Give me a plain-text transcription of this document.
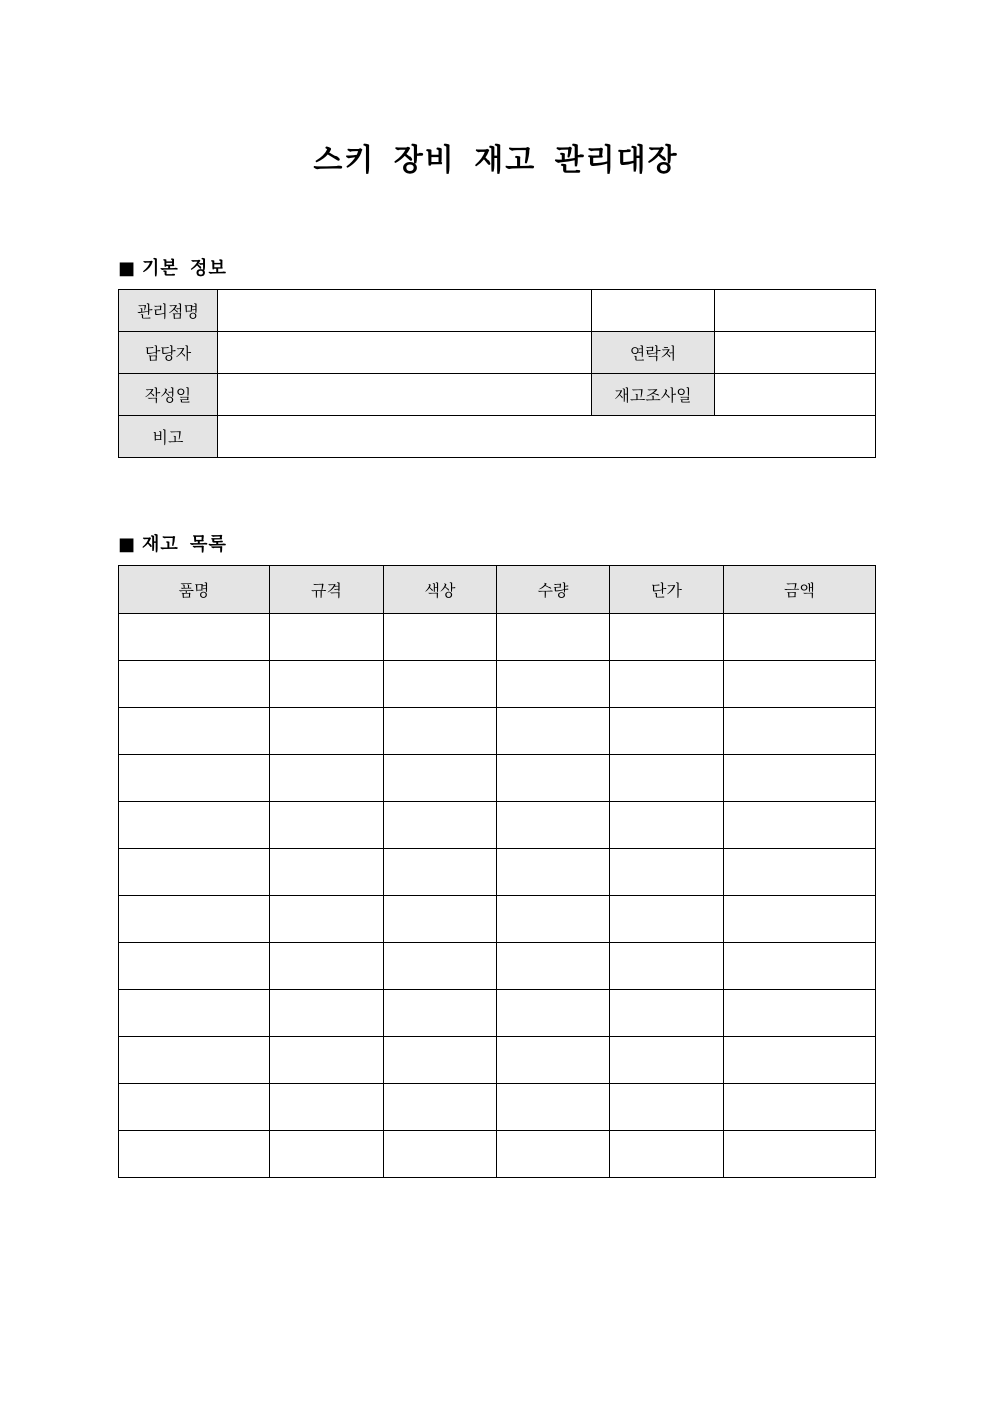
스키 장비 재고 관리대장
■ 기본 정보
관리점명			
담당자		연락처	
작성일		재고조사일	
비고			
■ 재고 목록
품명	규격	색상	수량	단가	금액
